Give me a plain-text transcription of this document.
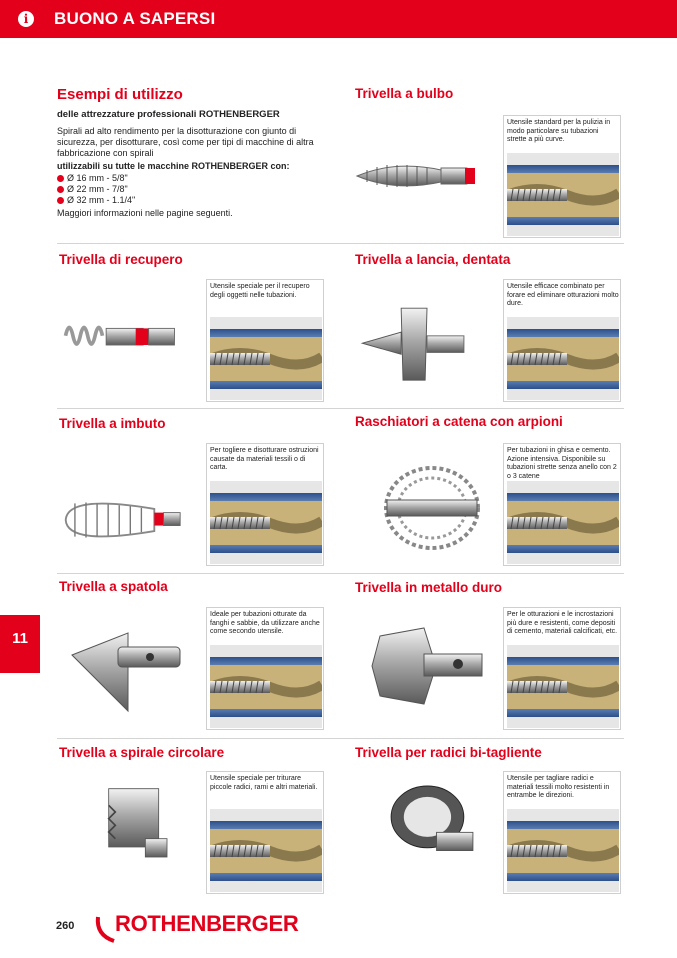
i	BUONO A SAPERSI
Esempi di utilizzo
delle attrezzature professionali ROTHENBERGER

Spirali ad alto rendimento per la disotturazione con giunto di sicurezza, per disotturare, così come per tipi di macchine di altra fabbricazione con spirali

utilizzabili su tutte le macchine ROTHENBERGER con:

Ø 16 mm - 5/8"
Ø 22 mm - 7/8"
Ø 32 mm - 1.1/4"

Maggiori informazioni nelle pagine seguenti.

Trivella a bulbo
Utensile standard per la pulizia in modo particolare su tubazioni strette a più curve.
Trivella di recupero
Utensile speciale per il recupero degli oggetti nelle tubazioni.
Trivella a lancia, dentata
Utensile efficace combinato per forare ed eliminare otturazioni molto dure.
Trivella a imbuto
Per togliere e disotturare ostruzioni causate da materiali tessili o di carta.
Raschiatori a catena con arpioni
Per tubazioni in ghisa e cemento. Azione intensiva. Disponibile su tubazioni strette senza anello con 2 o 3 catene
Trivella a spatola
Ideale per tubazioni otturate da fanghi e sabbie, da utilizzare anche come secondo utensile.
Trivella in metallo duro
Per le otturazioni e le incrostazioni più dure e resistenti, come depositi di cemento, materiali calcificati, etc.
Trivella a spirale circolare
Utensile speciale per triturare piccole radici, rami e altri materiali.
Trivella per radici bi-tagliente
Utensile per tagliare radici e materiali tessili molto resistenti in entrambe le direzioni.
11
260 ROTHENBERGER
